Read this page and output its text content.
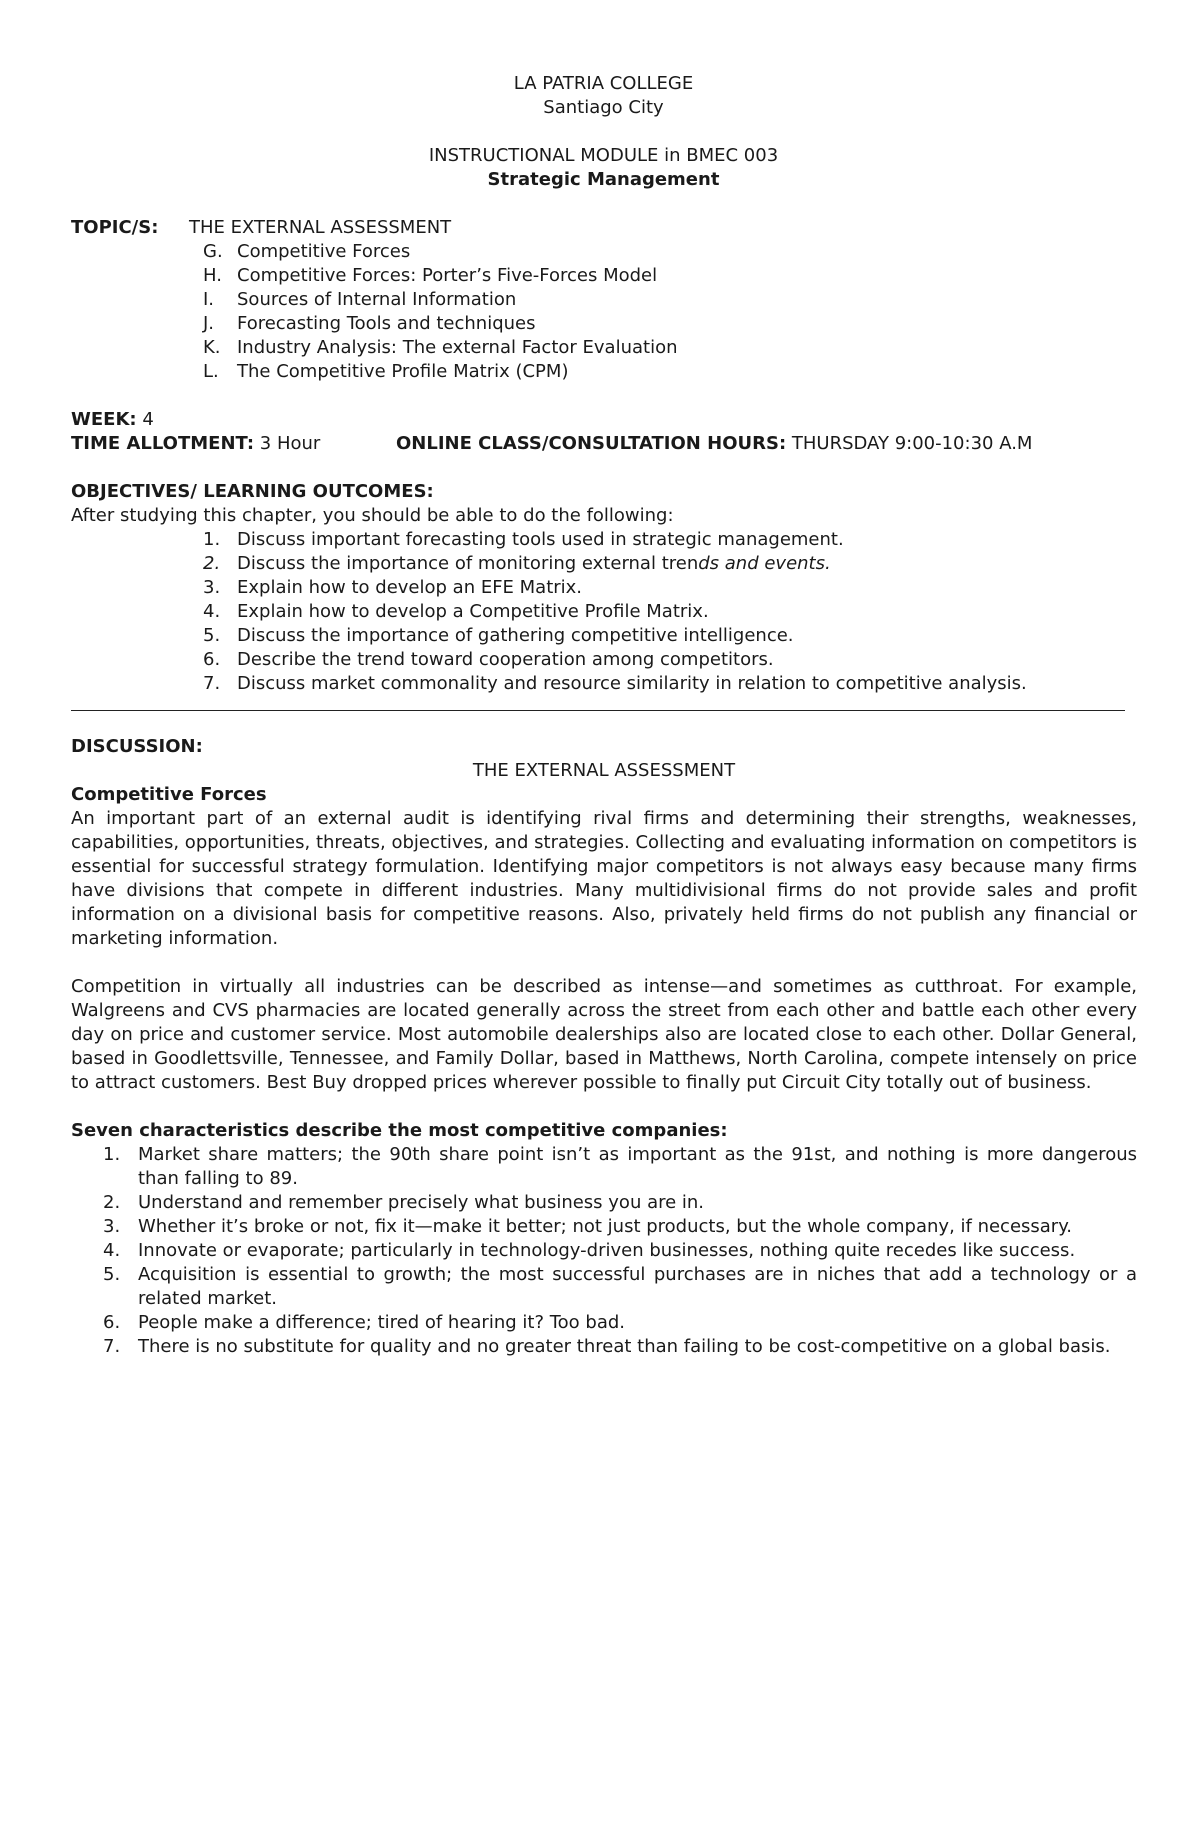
LA PATRIA COLLEGE
Santiago City
INSTRUCTIONAL MODULE in BMEC 003
Strategic Management
TOPIC/S:	THE EXTERNAL ASSESSMENT
G. Competitive Forces
H. Competitive Forces: Porter’s Five-Forces Model
I.	Sources of Internal Information
J.	Forecasting Tools and techniques
K. Industry Analysis: The external Factor Evaluation
L.	The Competitive Profile Matrix (CPM)
WEEK: 4
TIME ALLOTMENT: 3 Hour	ONLINE CLASS/CONSULTATION HOURS: THURSDAY 9:00-10:30 A.M
OBJECTIVES/ LEARNING OUTCOMES:
After studying this chapter, you should be able to do the following:
1. Discuss important forecasting tools used in strategic management.
2. Discuss the importance of monitoring external trends and events.
3. Explain how to develop an EFE Matrix.
4. Explain how to develop a Competitive Profile Matrix.
5. Discuss the importance of gathering competitive intelligence.
6. Describe the trend toward cooperation among competitors.
7. Discuss market commonality and resource similarity in relation to competitive analysis.
DISCUSSION:
THE EXTERNAL ASSESSMENT
Competitive Forces

An important part of an external audit is identifying rival firms and determining their strengths, weaknesses, capabilities, opportunities, threats, objectives, and strategies. Collecting and evaluating information on competitors is essential for successful strategy formulation. Identifying major competitors is not always easy because many firms have divisions that compete in different industries. Many multidivisional firms do not provide sales and profit information on a divisional basis for competitive reasons. Also, privately held firms do not publish any financial or marketing information.

Competition in virtually all industries can be described as intense—and sometimes as cutthroat. For example, Walgreens and CVS pharmacies are located generally across the street from each other and battle each other every day on price and customer service. Most automobile dealerships also are located close to each other. Dollar General, based in Goodlettsville, Tennessee, and Family Dollar, based in Matthews, North Carolina, compete intensely on price to attract customers. Best Buy dropped prices wherever possible to finally put Circuit City totally out of business.

Seven characteristics describe the most competitive companies:
1. Market share matters; the 90th share point isn’t as important as the 91st, and nothing is more dangerous than falling to 89.
2. Understand and remember precisely what business you are in.
3. Whether it’s broke or not, fix it—make it better; not just products, but the whole company, if necessary.
4. Innovate or evaporate; particularly in technology-driven businesses, nothing quite recedes like success.
5. Acquisition is essential to growth; the most successful purchases are in niches that add a technology or a related market.
6. People make a difference; tired of hearing it? Too bad.
7. There is no substitute for quality and no greater threat than failing to be cost-competitive on a global basis.
